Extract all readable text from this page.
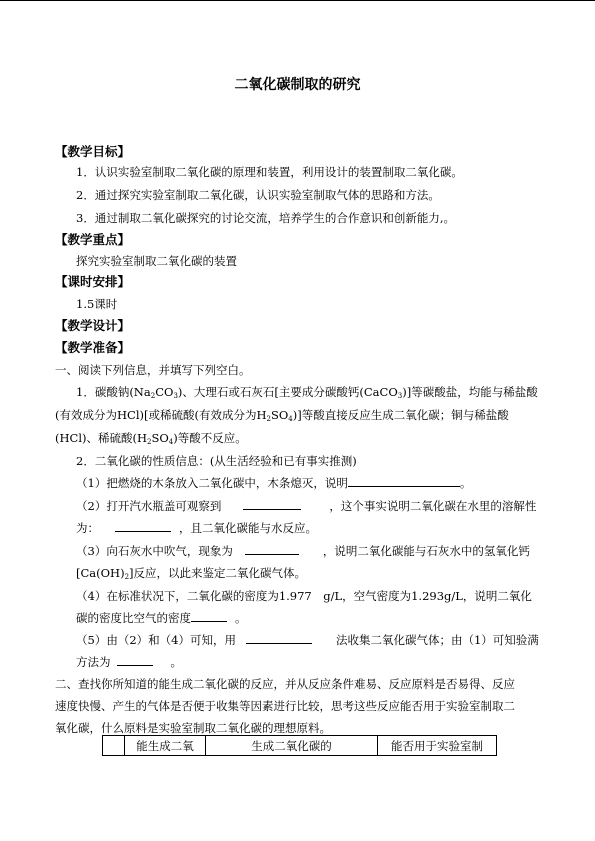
二氧化碳制取的研究
【教学目标】
1．认识实验室制取二氧化碳的原理和装置，利用设计的装置制取二氧化碳。
2．通过探究实验室制取二氧化碳，认识实验室制取气体的思路和方法。
3．通过制取二氧化碳探究的讨论交流，培养学生的合作意识和创新能力,。
【教学重点】
探究实验室制取二氧化碳的装置
【课时安排】
1.5课时
【教学设计】
【教学准备】
一、阅读下列信息，并填写下列空白。
1．碳酸钠$(Na_2CO_3)$、大理石或石灰石[主要成分碳酸钙(CaCO$_3$)]等碳酸盐，均能与稀盐酸
(有效成分为HCl)[或稀硫酸(有效成分为$H_2SO_4$)]等酸直接反应生成二氧化碳；铜与稀盐酸
(HCl)、稀硫酸$(H_2SO_4)$等酸不反应。
2．二氧化碳的性质信息：(从生活经验和已有事实推测)
（1）把燃烧的木条放入二氧化碳中，木条熄灭，说明	。
（2）打开汽水瓶盖可观察到	，这个事实说明二氧化碳在水里的溶解性
为：	，且二氧化碳能与水反应。
（3）向石灰水中吹气，现象为	，说明二氧化碳能与石灰水中的氢氧化钙
$[Ca(OH)_2]$反应，以此来鉴定二氧化碳气体。
（4）在标准状况下，二氧化碳的密度为1.977　g/L，空气密度为1.293g/L，说明二氧化
碳的密度比空气的密度	。
（5）由（2）和（4）可知，用	法收集二氧化碳气体；由（1）可知验满
方法为	。
二、查找你所知道的能生成二氧化碳的反应，并从反应条件难易、反应原料是否易得、反应
速度快慢、产生的气体是否便于收集等因素进行比较，思考这些反应能否用于实验室制取二
氧化碳，什么原料是实验室制取二氧化碳的理想原料。
	能生成二氧	生成二氧化碳的	能否用于实验室制
